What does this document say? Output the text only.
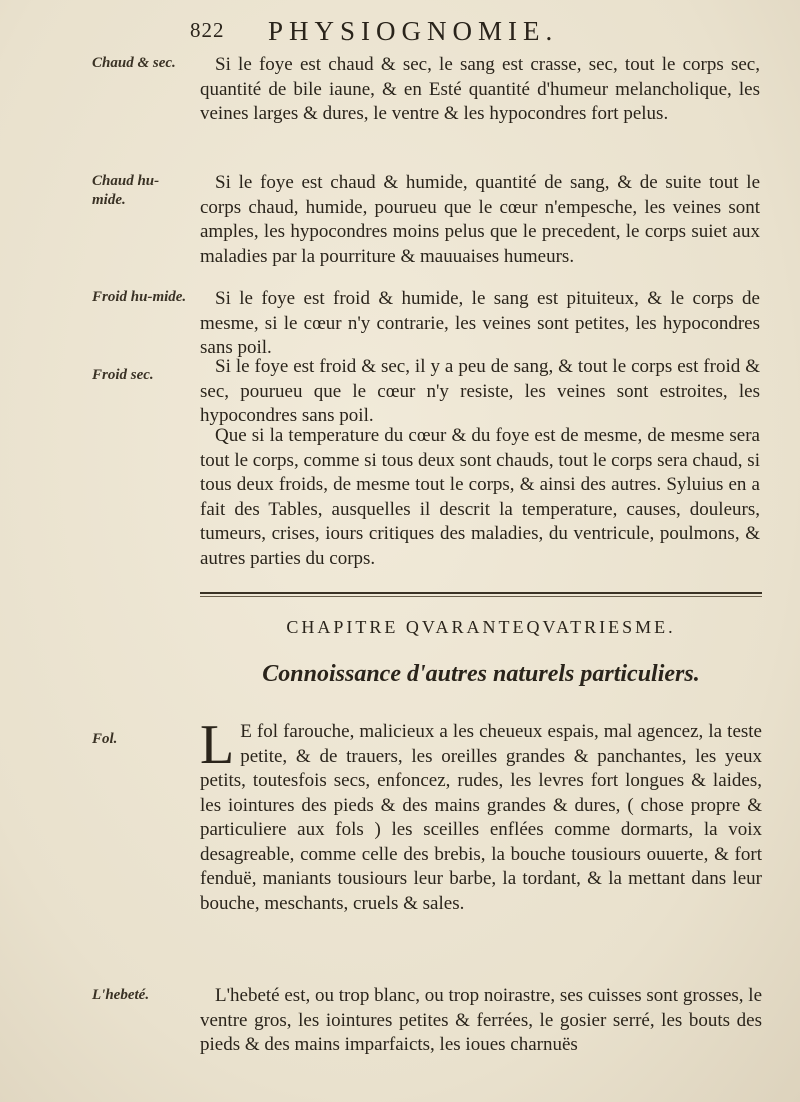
822 PHYSIOGNOMIE.
Chaud & sec.
Chaud hu-mide.
Froid hu-mide.
Froid sec.
Fol.
L'hebeté.

Si le foye est chaud & sec, le sang est crasse, sec, tout le corps sec, quantité de bile iaune, & en Esté quantité d'humeur melancholique, les veines larges & dures, le ventre & les hypocondres fort pelus.

Si le foye est chaud & humide, quantité de sang, & de suite tout le corps chaud, humide, pourueu que le cœur n'empesche, les veines sont amples, les hypocondres moins pelus que le precedent, le corps suiet aux maladies par la pourriture & mauuaises humeurs.

Si le foye est froid & humide, le sang est pituiteux, & le corps de mesme, si le cœur n'y contrarie, les veines sont petites, les hypocondres sans poil.

Si le foye est froid & sec, il y a peu de sang, & tout le corps est froid & sec, pourueu que le cœur n'y resiste, les veines sont estroites, les hypocondres sans poil.

Que si la temperature du cœur & du foye est de mesme, de mesme sera tout le corps, comme si tous deux sont chauds, tout le corps sera chaud, si tous deux froids, de mesme tout le corps, & ainsi des autres. Syluius en a fait des Tables, ausquelles il descrit la temperature, causes, douleurs, tumeurs, crises, iours critiques des maladies, du ventricule, poulmons, & autres parties du corps.

CHAPITRE QVARANTEQVATRIESME.
Connoissance d'autres naturels particuliers.
L E fol farouche, malicieux a les cheueux espais, mal agencez, la teste petite, & de trauers, les oreilles grandes & panchantes, les yeux petits, toutesfois secs, enfoncez, rudes, les levres fort longues & laides, les iointures des pieds & des mains grandes & dures, ( chose propre & particuliere aux fols ) les sceilles enflées comme dormarts, la voix desagreable, comme celle des brebis, la bouche tousiours ouuerte, & fort fenduë, maniants tousiours leur barbe, la tordant, & la mettant dans leur bouche, meschants, cruels & sales.

L'hebeté est, ou trop blanc, ou trop noirastre, ses cuisses sont grosses, le ventre gros, les iointures petites & ferrées, le gosier serré, les bouts des pieds & des mains imparfaicts, les ioues charnuës
